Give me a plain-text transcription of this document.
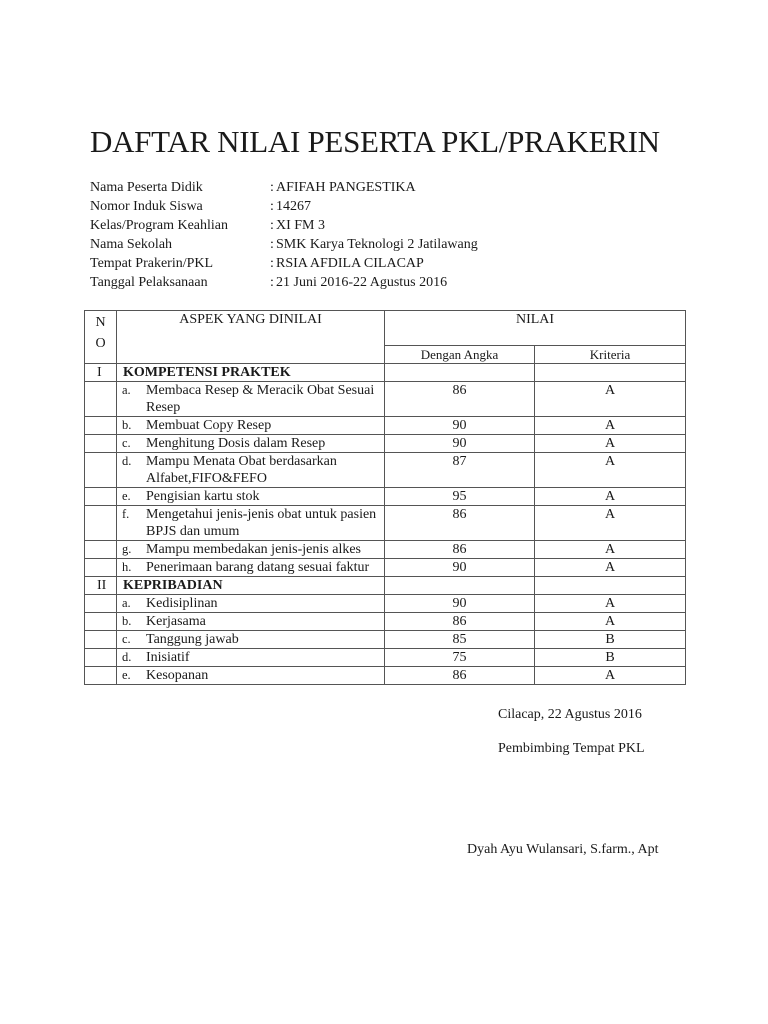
DAFTAR NILAI PESERTA PKL/PRAKERIN
Nama Peserta Didik	: AFIFAH PANGESTIKA
Nomor Induk Siswa	: 14267
Kelas/Program Keahlian	: XI FM 3
Nama Sekolah	: SMK Karya Teknologi 2 Jatilawang
Tempat Prakerin/PKL	: RSIA AFDILA CILACAP
Tanggal Pelaksanaan	: 21 Juni 2016-22 Agustus 2016
N O	ASPEK YANG DINILAI	NILAI	
		Dengan Angka	Kriteria
I	KOMPETENSI PRAKTEK		

	a. Membaca Resep & Meracik Obat Sesuai Resep	86	A

	b. Membuat Copy Resep	90	A

	c. Menghitung Dosis dalam Resep	90	A

	d. Mampu Menata Obat berdasarkan Alfabet,FIFO&FEFO	87	A

	e. Pengisian kartu stok	95	A

	f. Mengetahui jenis-jenis obat untuk pasien BPJS dan umum	86	A

	g. Mampu membedakan jenis-jenis alkes	86	A

	h. Penerimaan barang datang sesuai faktur	90	A
II	KEPRIBADIAN		

	a. Kedisiplinan	90	A

	b. Kerjasama	86	A

	c. Tanggung jawab	85	B

	d. Inisiatif	75	B

	e. Kesopanan	86	A
Cilacap, 22 Agustus 2016
Pembimbing Tempat PKL
Dyah Ayu Wulansari, S.farm., Apt
